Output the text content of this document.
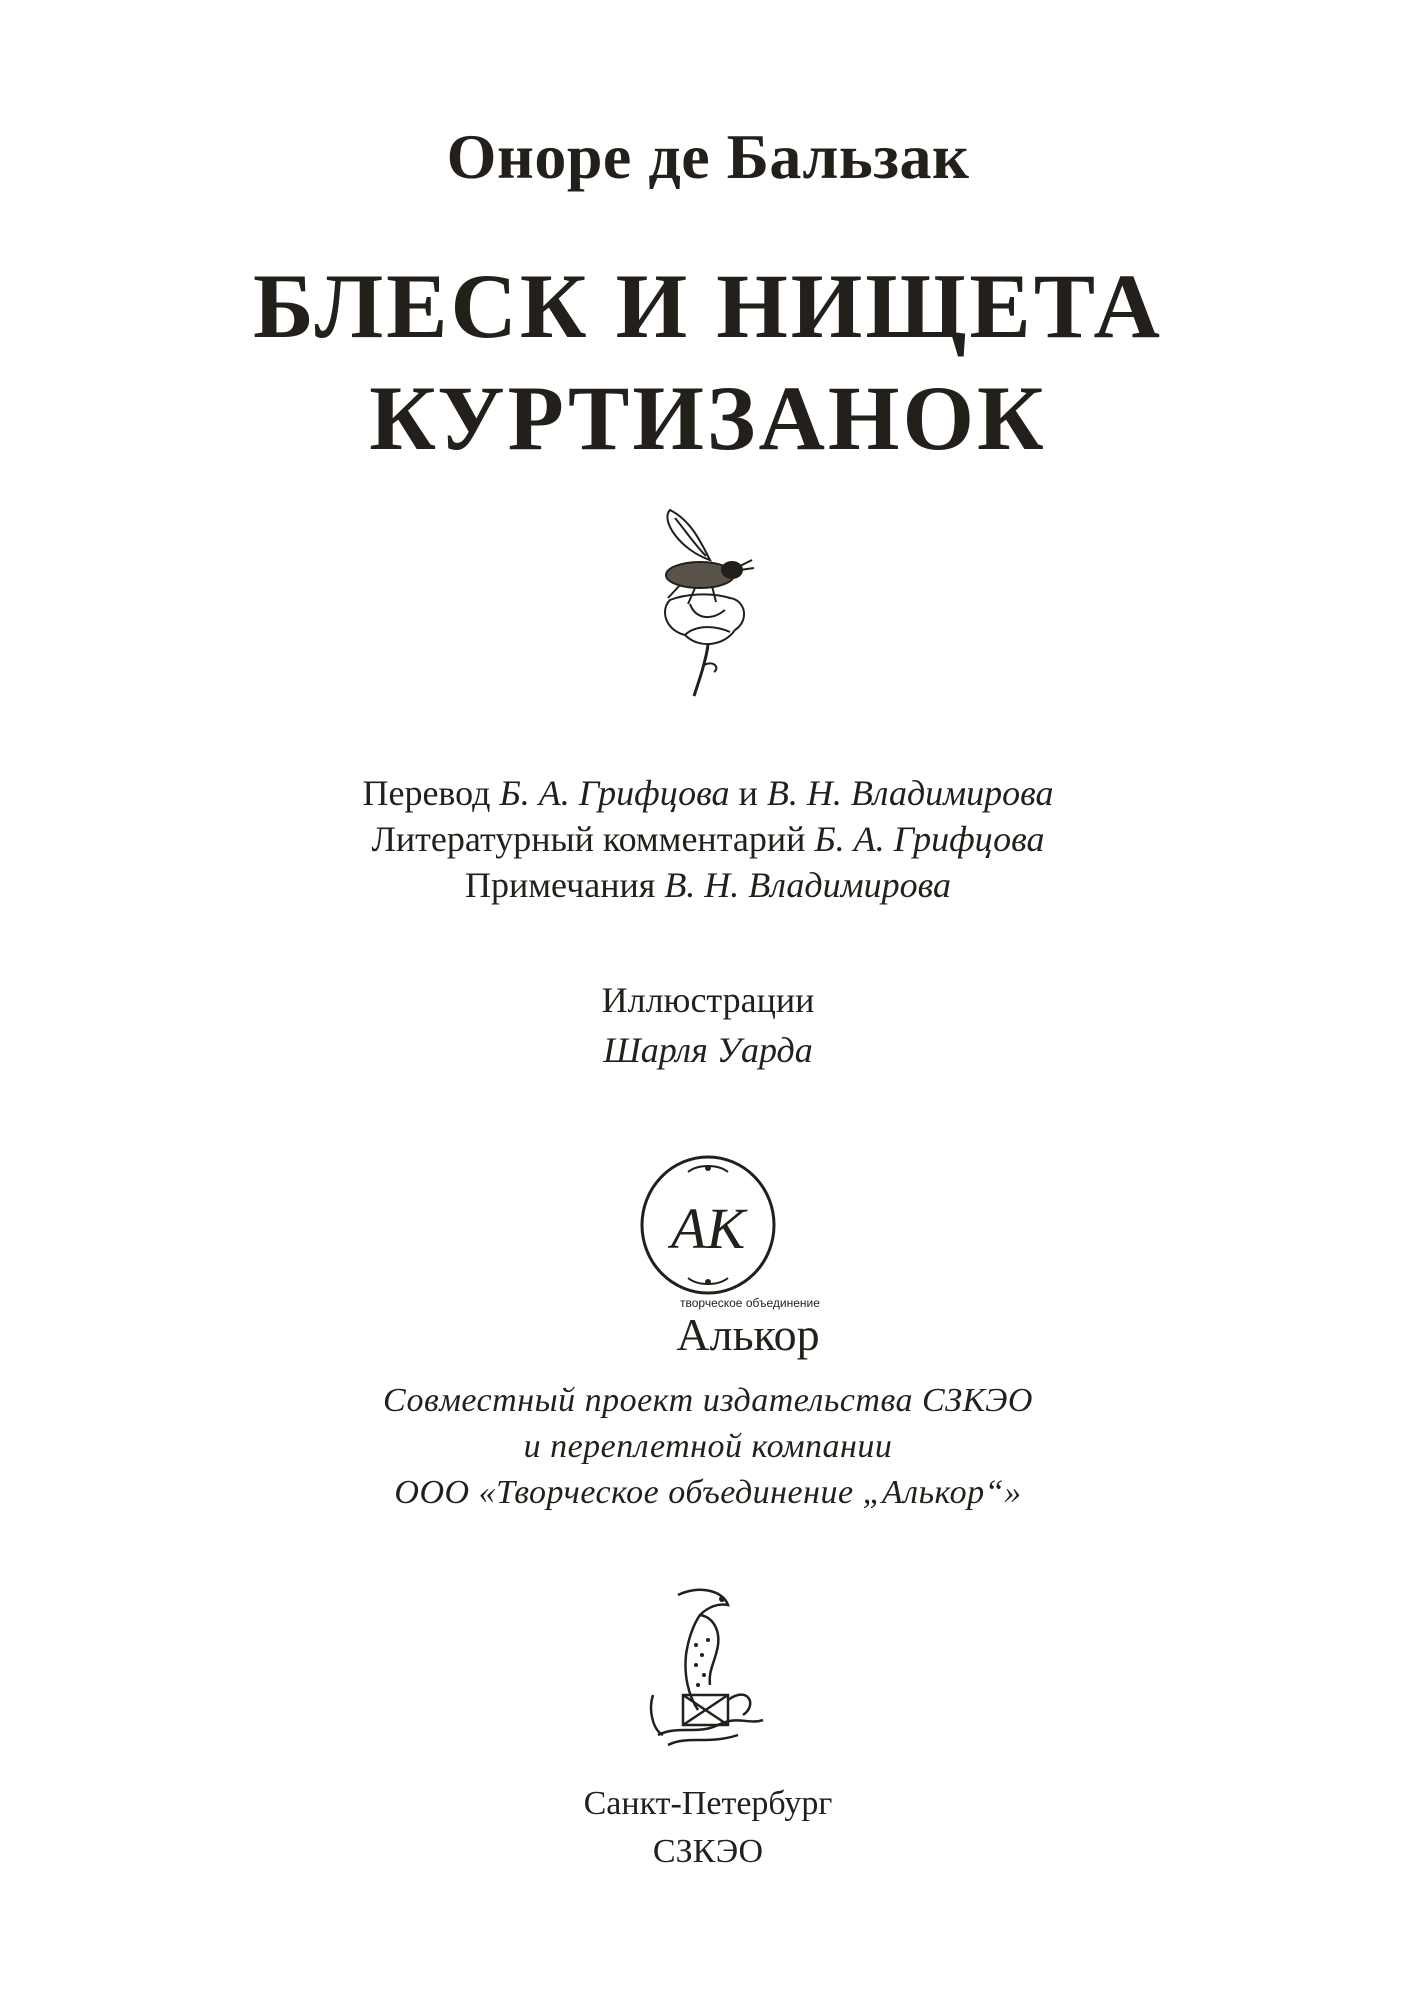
Оноре де Бальзак
БЛЕСК И НИЩЕТА
КУРТИЗАНОК
Перевод Б. А. Грифцова и В. Н. Владимирова
Литературный комментарий Б. А. Грифцова
Примечания В. Н. Владимирова
Иллюстрации
Шарля Уарда
АК
творческое объединение
Алькор
Совместный проект издательства СЗКЭО
и переплетной компании
ООО «Творческое объединение „Алькор“»
Санкт-Петербург
СЗКЭО
